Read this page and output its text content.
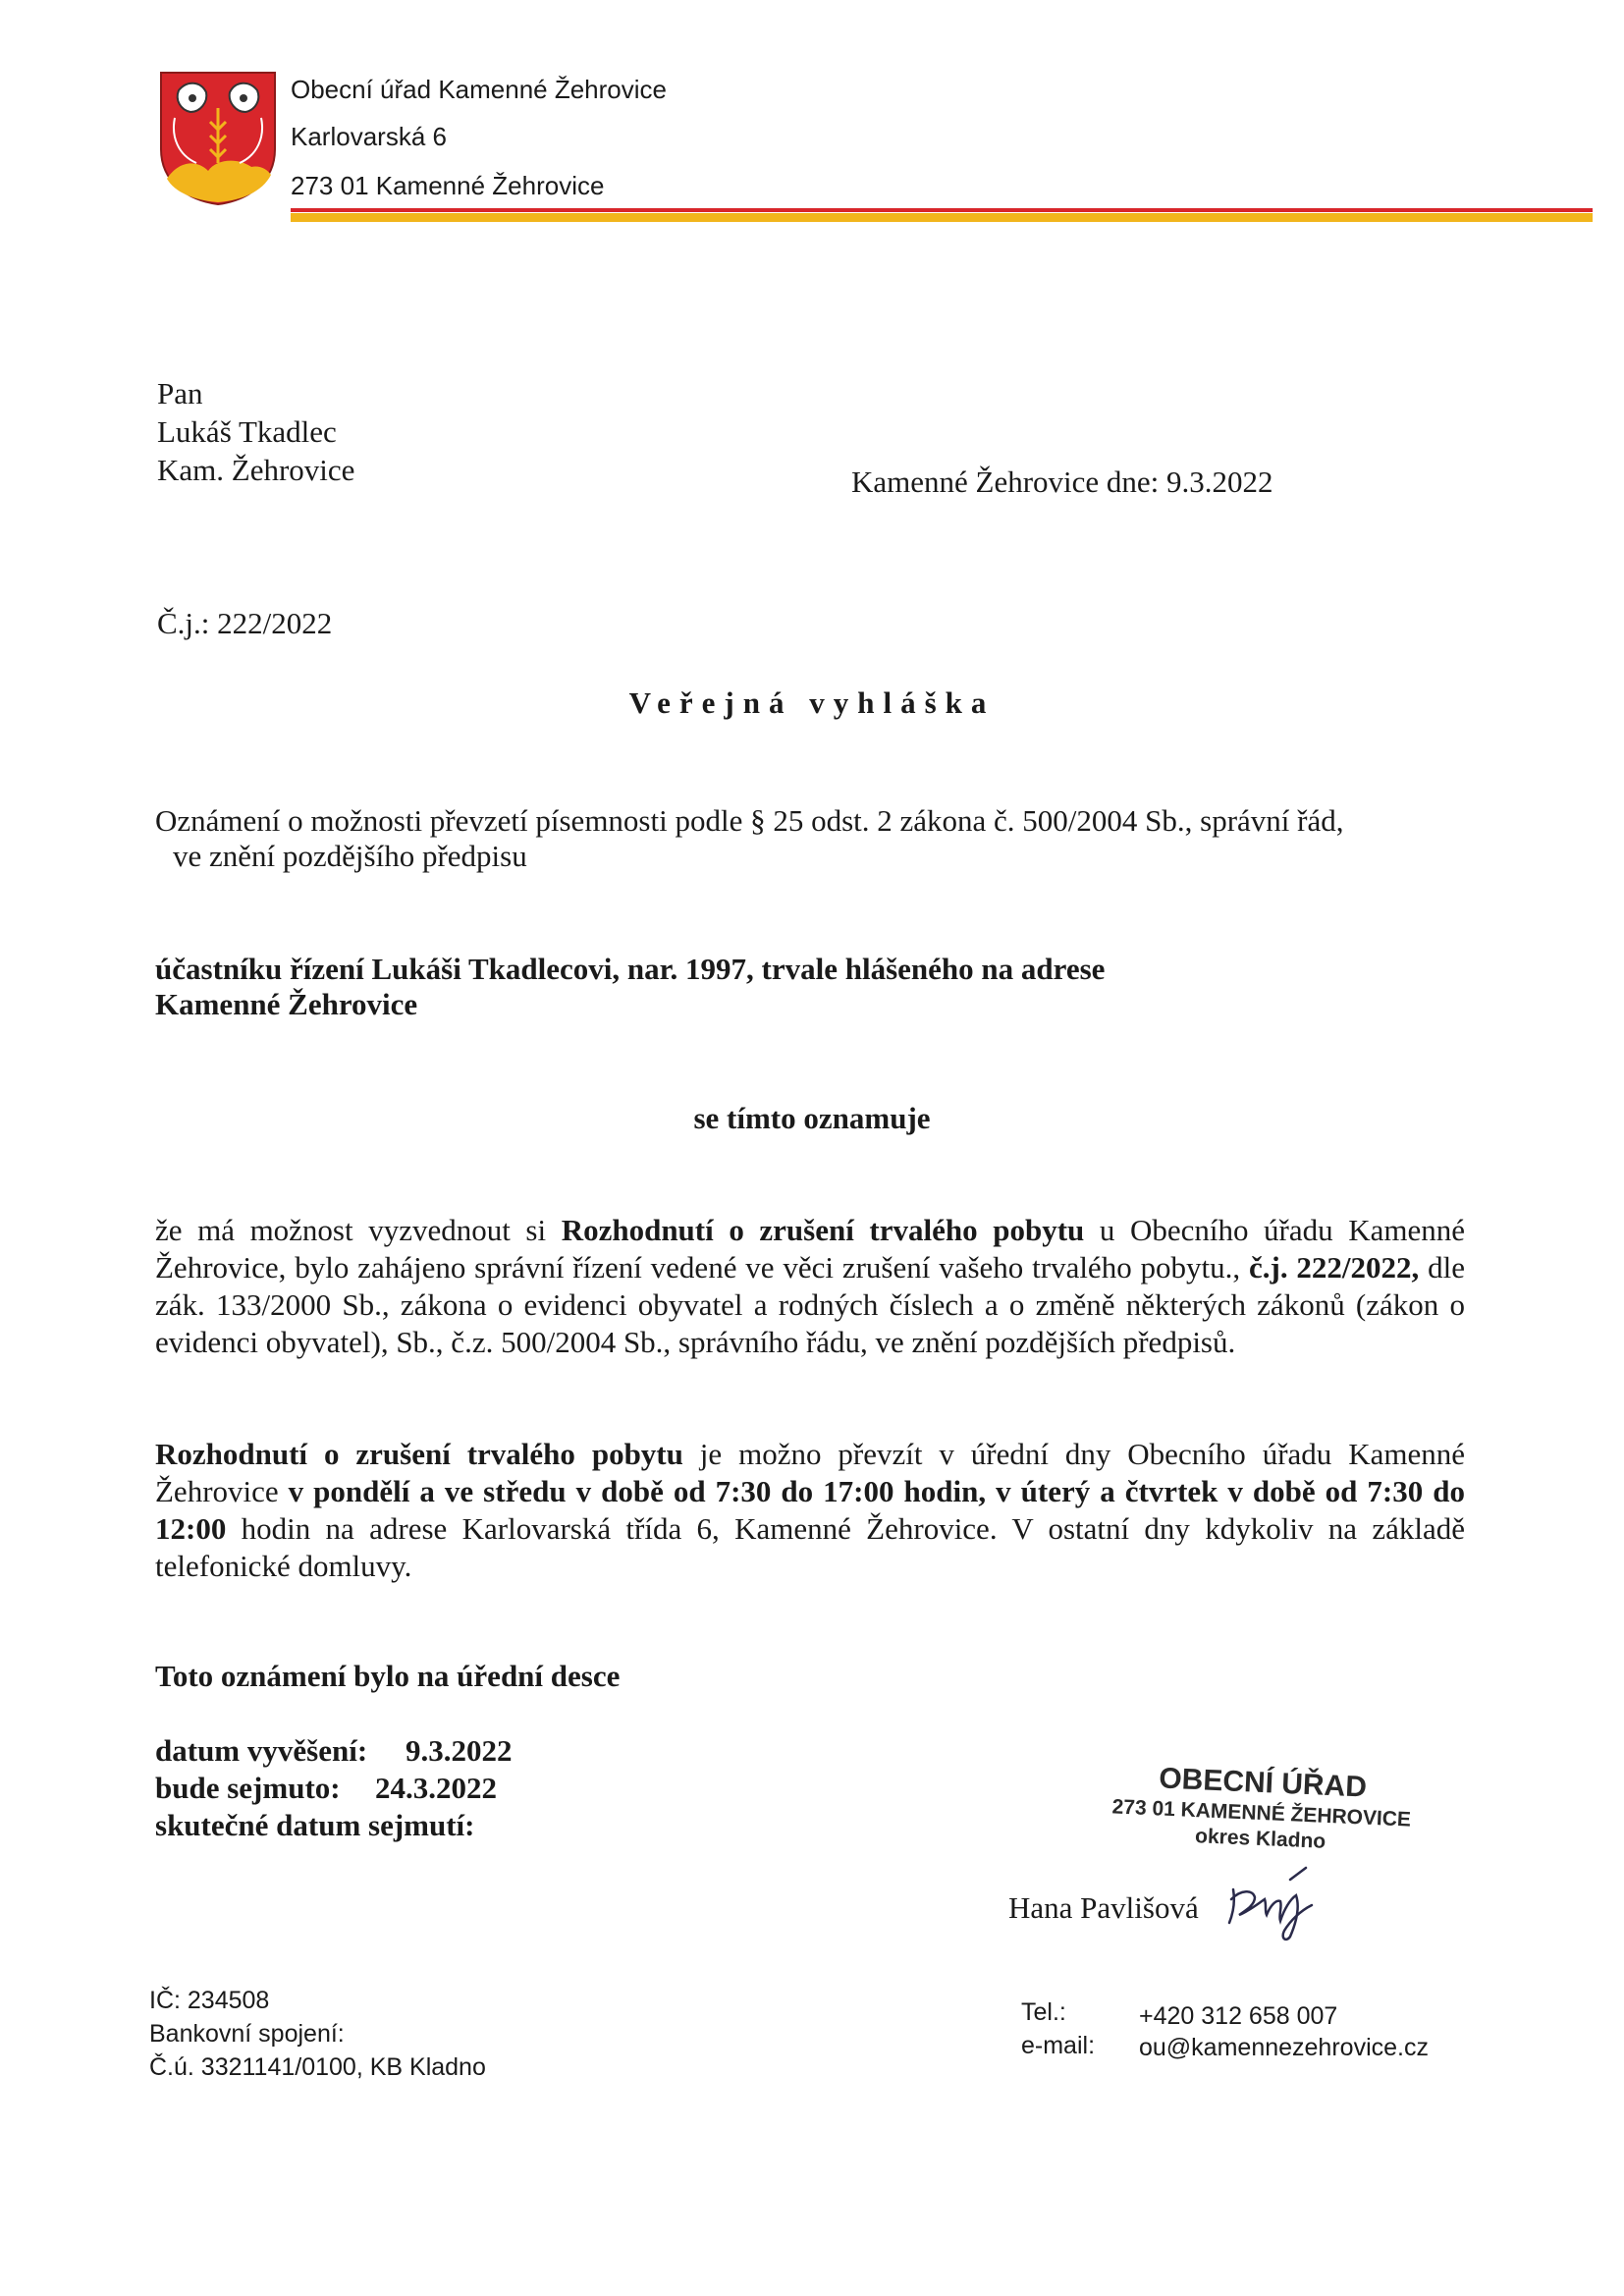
Obecní úřad Kamenné Žehrovice
Karlovarská 6
273 01 Kamenné Žehrovice
Pan
Lukáš Tkadlec
Kam. Žehrovice	Kamenné Žehrovice dne: 9.3.2022
Č.j.: 222/2022
Veřejná vyhláška
Oznámení o možnosti převzetí písemnosti podle § 25 odst. 2 zákona č. 500/2004 Sb., správní řád,
ve znění pozdějšího předpisu
účastníku řízení Lukáši Tkadlecovi, nar. 1997, trvale hlášeného na adrese
Kamenné Žehrovice
se tímto oznamuje
že má možnost vyzvednout si Rozhodnutí o zrušení trvalého pobytu u Obecního úřadu Kamenné Žehrovice, bylo zahájeno správní řízení vedené ve věci zrušení vašeho trvalého pobytu., č.j. 222/2022, dle zák. 133/2000 Sb., zákona o evidenci obyvatel a rodných číslech a o změně některých zákonů (zákon o evidenci obyvatel), Sb., č.z. 500/2004 Sb., správního řádu, ve znění pozdějších předpisů.
Rozhodnutí o zrušení trvalého pobytu je možno převzít v úřední dny Obecního úřadu Kamenné Žehrovice v pondělí a ve středu v době od 7:30 do 17:00 hodin, v úterý a čtvrtek v době od 7:30 do 12:00 hodin na adrese Karlovarská třída 6, Kamenné Žehrovice. V ostatní dny kdykoliv na základě telefonické domluvy.
Toto oznámení bylo na úřední desce
datum vyvěšení: 9.3.2022
bude sejmuto: 24.3.2022
skutečné datum sejmutí:
OBECNÍ ÚŘAD
273 01 KAMENNÉ ŽEHROVICE
okres Kladno
Hana Pavlišová
IČ: 234508
Bankovní spojení:
Č.ú. 3321141/0100, KB Kladno
Tel.:	+420 312 658 007
e-mail: ou@kamennezehrovice.cz
